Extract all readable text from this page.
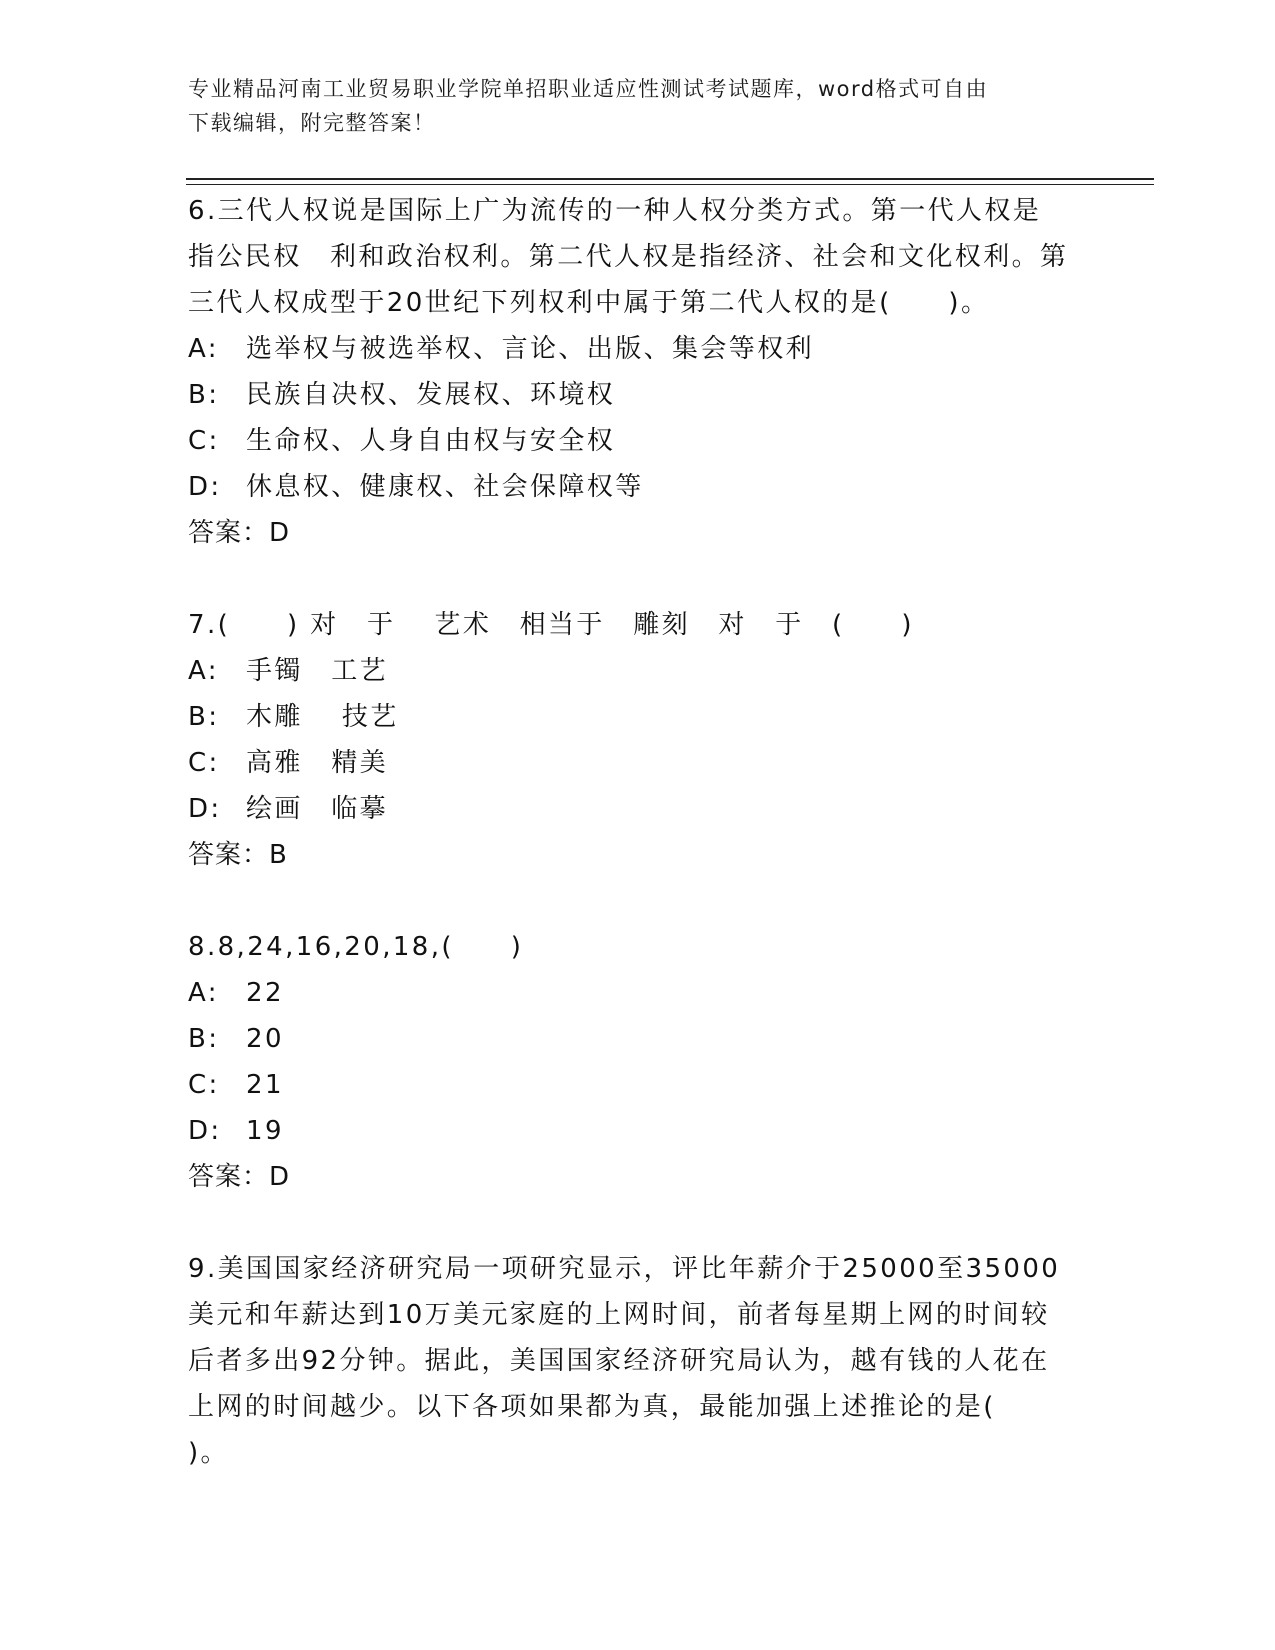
专业精品河南工业贸易职业学院单招职业适应性测试考试题库，word格式可自由
下载编辑，附完整答案！
6.三代人权说是国际上广为流传的一种人权分类方式。第一代人权是
指公民权　利和政治权利。第二代人权是指经济、社会和文化权利。第
三代人权成型于20世纪下列权利中属于第二代人权的是(　　)。
A: 选举权与被选举权、言论、出版、集会等权利
B: 民族自决权、发展权、环境权
C: 生命权、人身自由权与安全权
D: 休息权、健康权、社会保障权等
答案：D
7.(　　) 对　于　 艺术　相当于　雕刻　对　于　(　　)
A: 手镯　工艺
B: 木雕　 技艺
C: 高雅　精美
D: 绘画　临摹
答案：B
8.8,24,16,20,18,(　　)
A: 22
B: 20
C: 21
D: 19
答案：D
9.美国国家经济研究局一项研究显示，评比年薪介于25000至35000
美元和年薪达到10万美元家庭的上网时间，前者每星期上网的时间较
后者多出92分钟。据此，美国国家经济研究局认为，越有钱的人花在
上网的时间越少。以下各项如果都为真，最能加强上述推论的是(
)。
